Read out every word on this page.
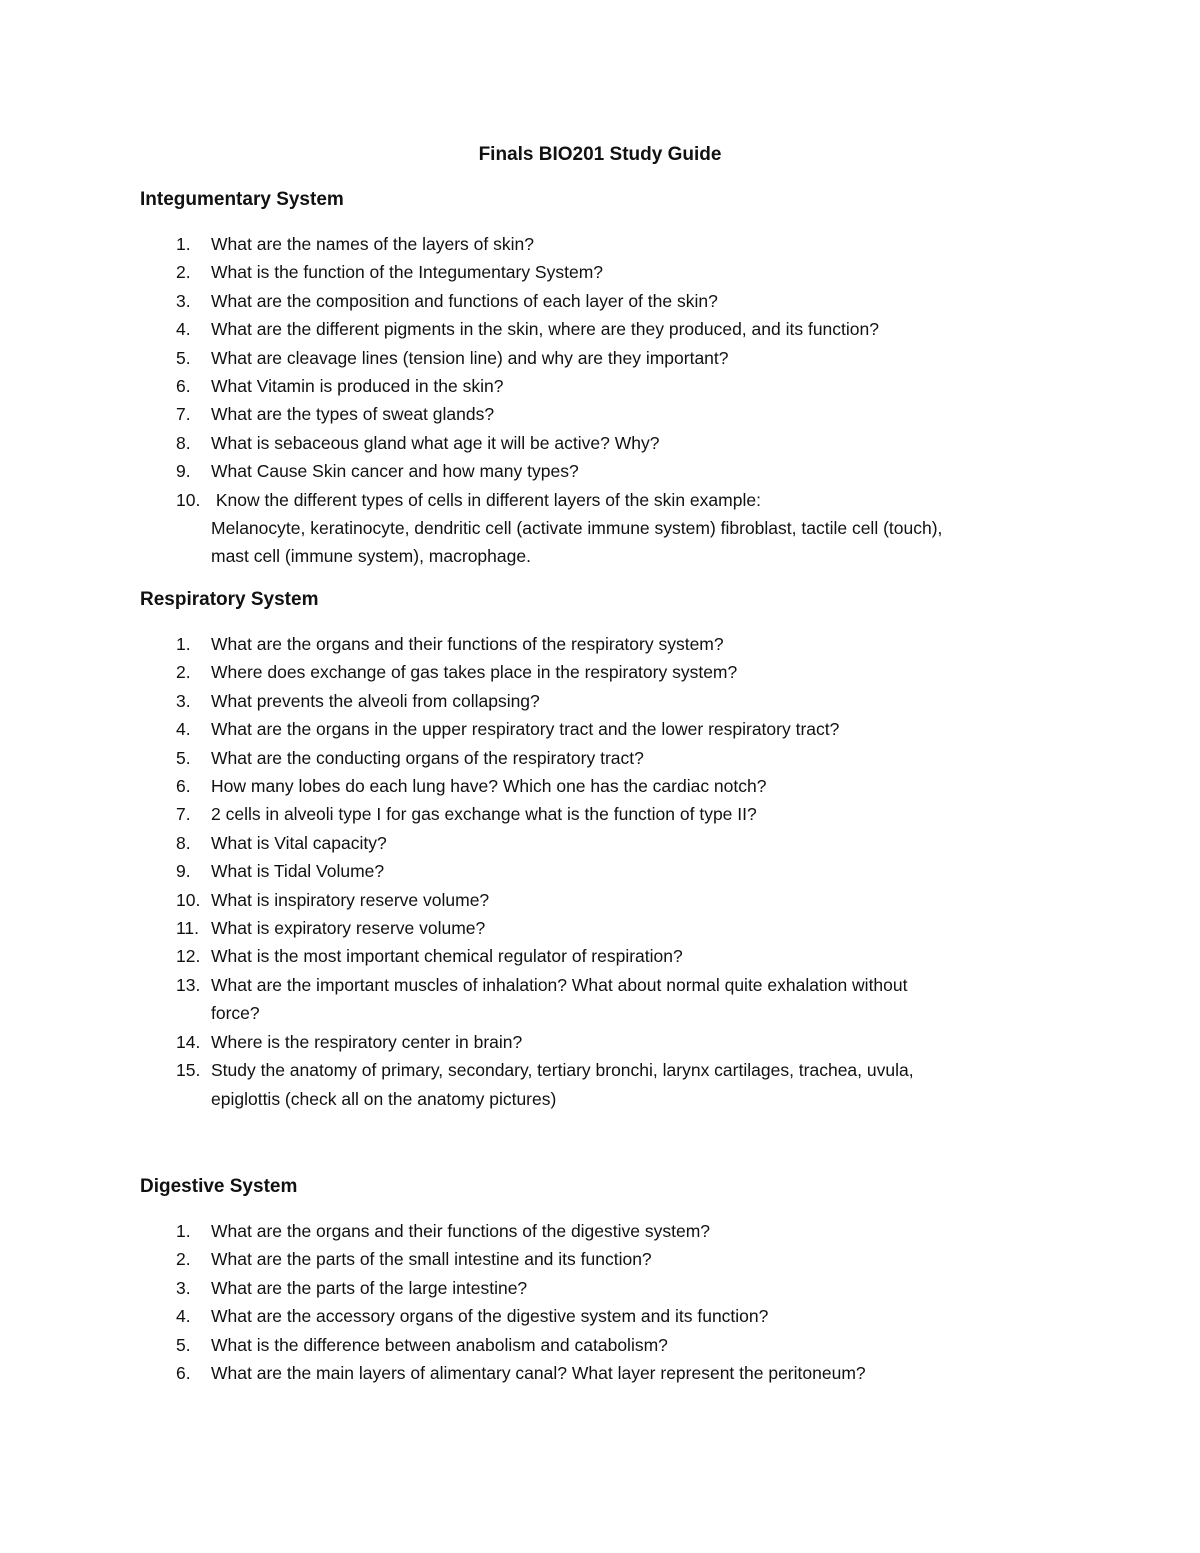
Finals BIO201 Study Guide
Integumentary System
1. What are the names of the layers of skin?
2. What is the function of the Integumentary System?
3. What are the composition and functions of each layer of the skin?
4. What are the different pigments in the skin, where are they produced, and its function?
5. What are cleavage lines (tension line) and why are they important?
6. What Vitamin is produced in the skin?
7. What are the types of sweat glands?
8. What is sebaceous gland what age it will be active? Why?
9. What Cause Skin cancer and how many types?
10. Know the different types of cells in different layers of the skin example:
Melanocyte, keratinocyte, dendritic cell (activate immune system) fibroblast, tactile cell (touch),
mast cell (immune system), macrophage.
Respiratory System
1. What are the organs and their functions of the respiratory system?
2. Where does exchange of gas takes place in the respiratory system?
3. What prevents the alveoli from collapsing?
4. What are the organs in the upper respiratory tract and the lower respiratory tract?
5. What are the conducting organs of the respiratory tract?
6. How many lobes do each lung have? Which one has the cardiac notch?
7. 2 cells in alveoli type I for gas exchange what is the function of type II?
8. What is Vital capacity?
9. What is Tidal Volume?
10. What is inspiratory reserve volume?
11. What is expiratory reserve volume?
12. What is the most important chemical regulator of respiration?
13. What are the important muscles of inhalation? What about normal quite exhalation without
force?
14. Where is the respiratory center in brain?
15. Study the anatomy of primary, secondary, tertiary bronchi, larynx cartilages, trachea, uvula,
epiglottis (check all on the anatomy pictures)
Digestive System
1. What are the organs and their functions of the digestive system?
2. What are the parts of the small intestine and its function?
3. What are the parts of the large intestine?
4. What are the accessory organs of the digestive system and its function?
5. What is the difference between anabolism and catabolism?
6. What are the main layers of alimentary canal? What layer represent the peritoneum?
